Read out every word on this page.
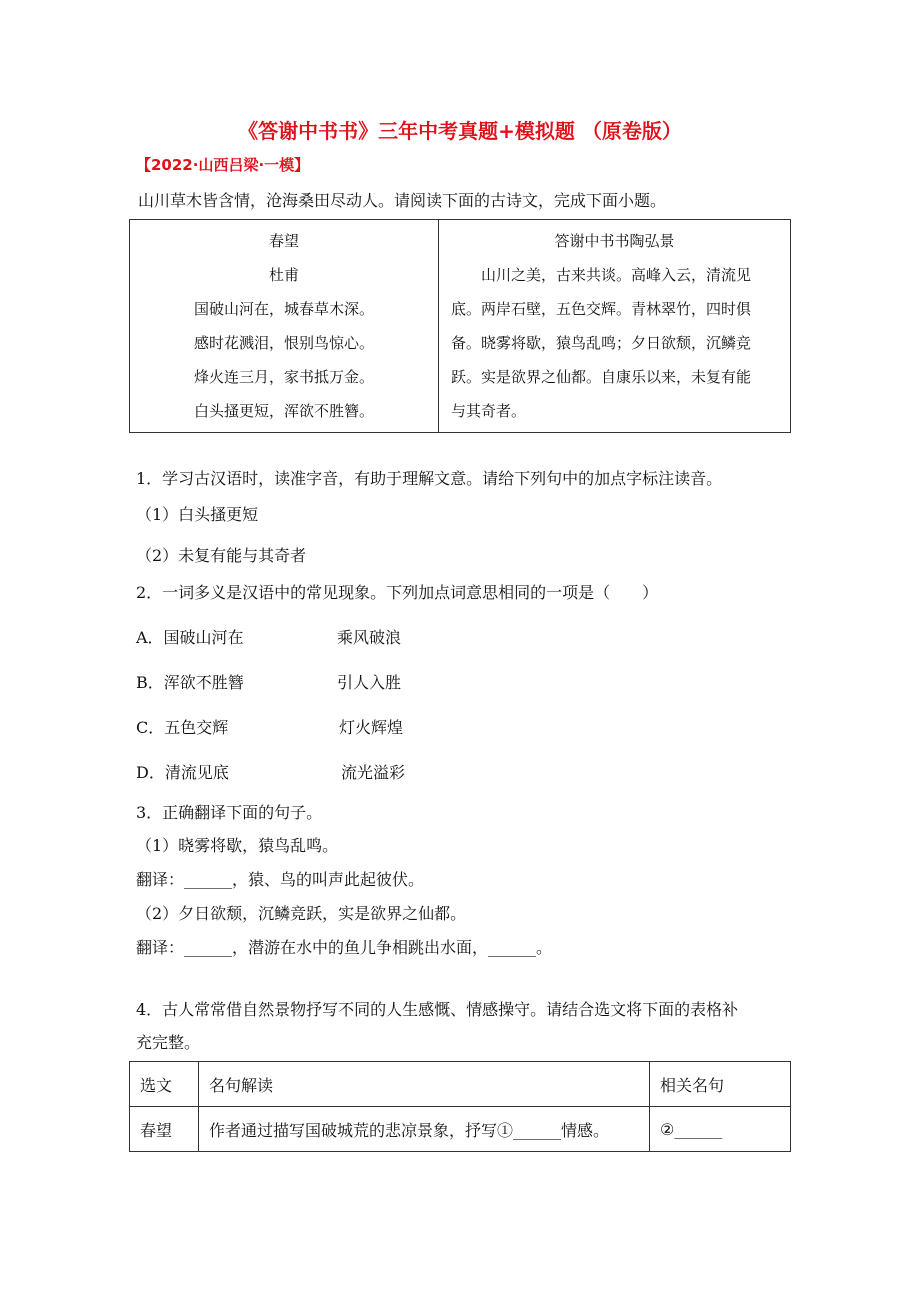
《答谢中书书》三年中考真题+模拟题 （原卷版）
【2022·山西吕梁·一模】
山川草木皆含情，沧海桑田尽动人。请阅读下面的古诗文，完成下面小题。
春望
杜甫
国破山河在，城春草木深。
感时花溅泪，恨别鸟惊心。
烽火连三月，家书抵万金。
白头搔更短，浑欲不胜簪。

答谢中书书陶弘景
　　山川之美，古来共谈。高峰入云，清流见
底。两岸石壁，五色交辉。青林翠竹，四时俱
备。晓雾将歇，猿鸟乱鸣；夕日欲颓，沉鳞竞
跃。实是欲界之仙都。自康乐以来，未复有能
与其奇者。
1．学习古汉语时，读准字音，有助于理解文意。请给下列句中的加点字标注读音。
（1）白头搔更短
（2）未复有能与其奇者
2．一词多义是汉语中的常见现象。下列加点词意思相同的一项是（　　）
A．国破山河在	乘风破浪
B．浑欲不胜簪	引人入胜
C．五色交辉	灯火辉煌
D．清流见底	流光溢彩
3．正确翻译下面的句子。
（1）晓雾将歇，猿鸟乱鸣。
翻译：______，猿、鸟的叫声此起彼伏。
（2）夕日欲颓，沉鳞竞跃，实是欲界之仙都。
翻译：______，潜游在水中的鱼儿争相跳出水面，______。
4．古人常常借自然景物抒写不同的人生感慨、情感操守。请结合选文将下面的表格补
充完整。
选文	名句解读	相关名句
春望	作者通过描写国破城荒的悲凉景象，抒写①______情感。	②______
